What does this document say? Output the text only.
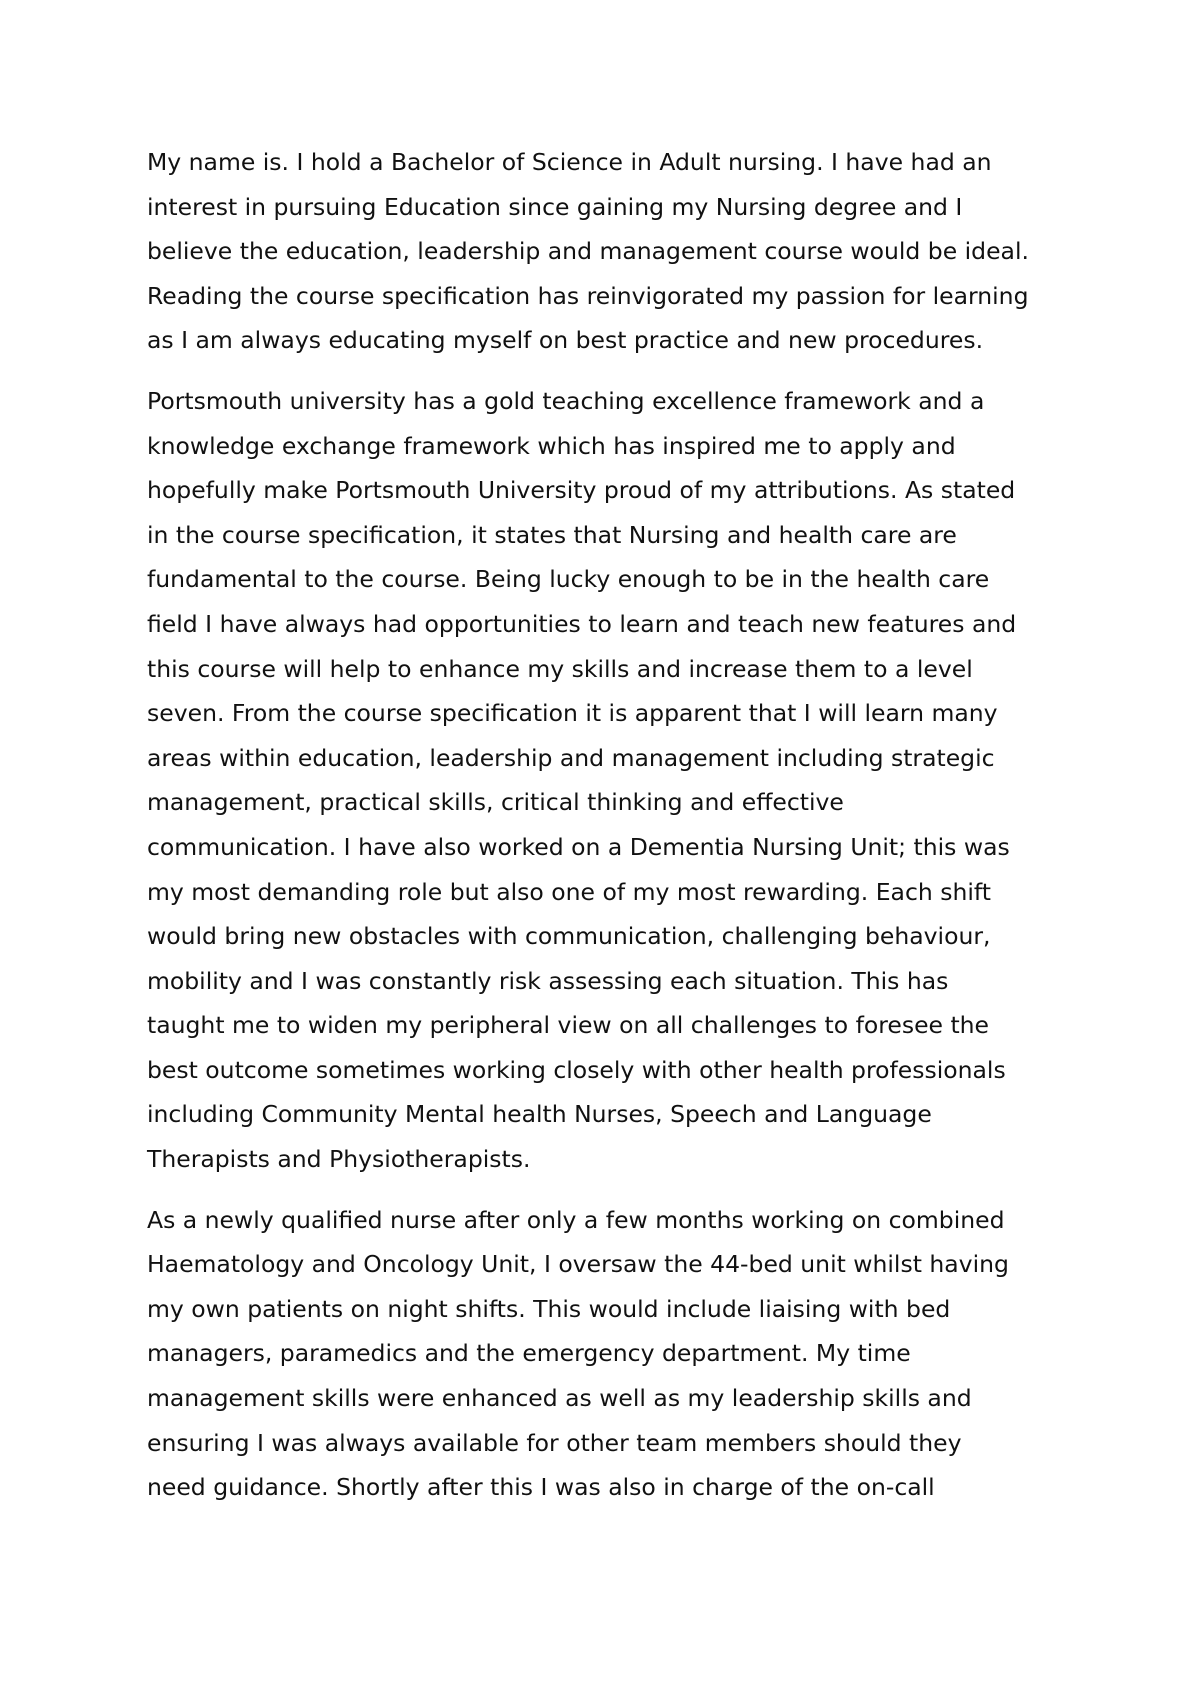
My name is. I hold a Bachelor of Science in Adult nursing. I have had an
interest in pursuing Education since gaining my Nursing degree and I
believe the education, leadership and management course would be ideal.
Reading the course specification has reinvigorated my passion for learning
as I am always educating myself on best practice and new procedures.

Portsmouth university has a gold teaching excellence framework and a
knowledge exchange framework which has inspired me to apply and
hopefully make Portsmouth University proud of my attributions. As stated
in the course specification, it states that Nursing and health care are
fundamental to the course. Being lucky enough to be in the health care
field I have always had opportunities to learn and teach new features and
this course will help to enhance my skills and increase them to a level
seven. From the course specification it is apparent that I will learn many
areas within education, leadership and management including strategic
management, practical skills, critical thinking and effective
communication. I have also worked on a Dementia Nursing Unit; this was
my most demanding role but also one of my most rewarding. Each shift
would bring new obstacles with communication, challenging behaviour,
mobility and I was constantly risk assessing each situation. This has
taught me to widen my peripheral view on all challenges to foresee the
best outcome sometimes working closely with other health professionals
including Community Mental health Nurses, Speech and Language
Therapists and Physiotherapists.

As a newly qualified nurse after only a few months working on combined
Haematology and Oncology Unit, I oversaw the 44-bed unit whilst having
my own patients on night shifts. This would include liaising with bed
managers, paramedics and the emergency department. My time
management skills were enhanced as well as my leadership skills and
ensuring I was always available for other team members should they
need guidance. Shortly after this I was also in charge of the on-call
